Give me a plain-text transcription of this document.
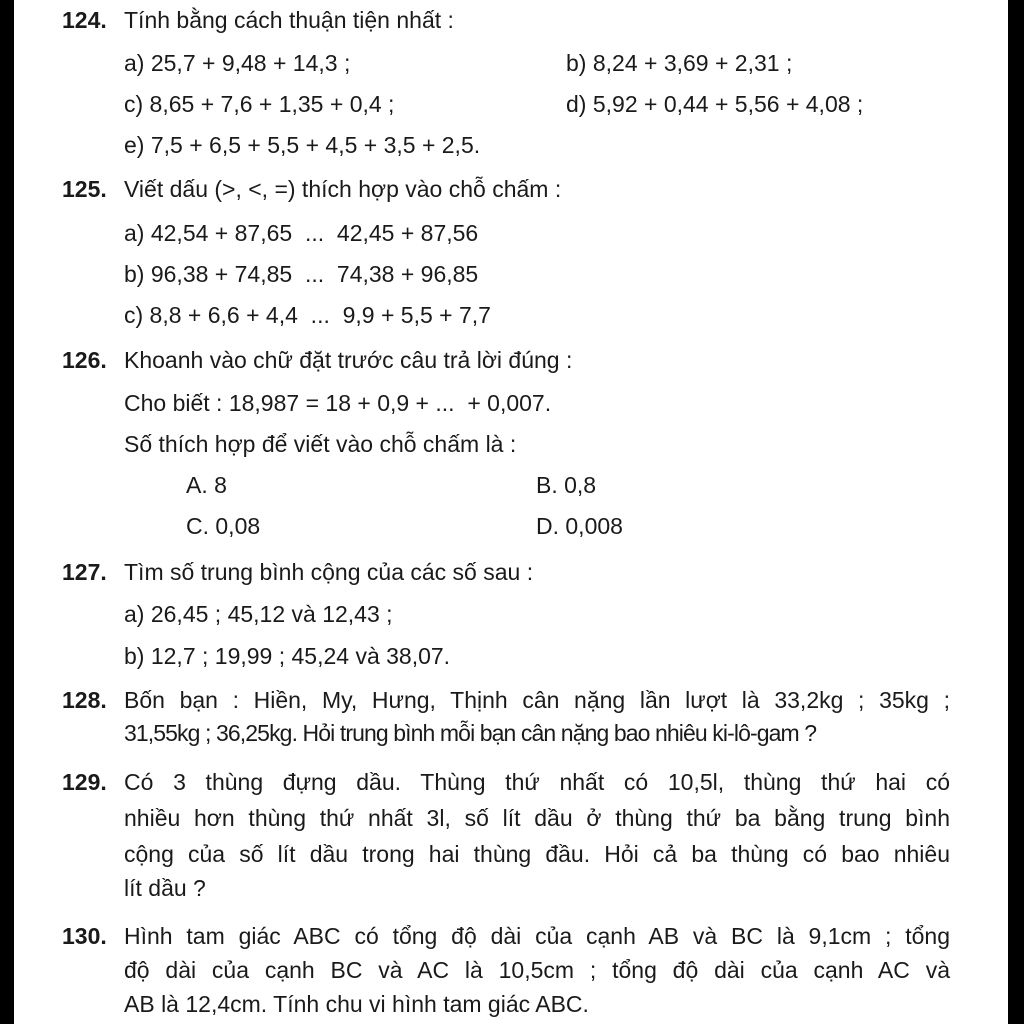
124. Tính bằng cách thuận tiện nhất :
a) 25,7 + 9,48 + 14,3 ;	b) 8,24 + 3,69 + 2,31 ;
c) 8,65 + 7,6 + 1,35 + 0,4 ;	d) 5,92 + 0,44 + 5,56 + 4,08 ;
e) 7,5 + 6,5 + 5,5 + 4,5 + 3,5 + 2,5.
125. Viết dấu (>, <, =) thích hợp vào chỗ chấm :
a) 42,54 + 87,65  ...  42,45 + 87,56
b) 96,38 + 74,85  ...  74,38 + 96,85
c) 8,8 + 6,6 + 4,4  ...  9,9 + 5,5 + 7,7
126. Khoanh vào chữ đặt trước câu trả lời đúng :
Cho biết : 18,987 = 18 + 0,9 + ...  + 0,007.
Số thích hợp để viết vào chỗ chấm là :
A. 8	B. 0,8
C. 0,08	D. 0,008
127. Tìm số trung bình cộng của các số sau :
a) 26,45 ; 45,12 và 12,43 ;
b) 12,7 ; 19,99 ; 45,24 và 38,07.
128. Bốn bạn : Hiền, My, Hưng, Thịnh cân nặng lần lượt là 33,2kg ; 35kg ;
31,55kg ; 36,25kg. Hỏi trung bình mỗi bạn cân nặng bao nhiêu ki-lô-gam ?
129. Có 3 thùng đựng dầu. Thùng thứ nhất có 10,5l, thùng thứ hai có
nhiều hơn thùng thứ nhất 3l, số lít dầu ở thùng thứ ba bằng trung bình
cộng của số lít dầu trong hai thùng đầu. Hỏi cả ba thùng có bao nhiêu
lít dầu ?
130. Hình tam giác ABC có tổng độ dài của cạnh AB và BC là 9,1cm ; tổng
độ dài của cạnh BC và AC là 10,5cm ; tổng độ dài của cạnh AC và
AB là 12,4cm. Tính chu vi hình tam giác ABC.
